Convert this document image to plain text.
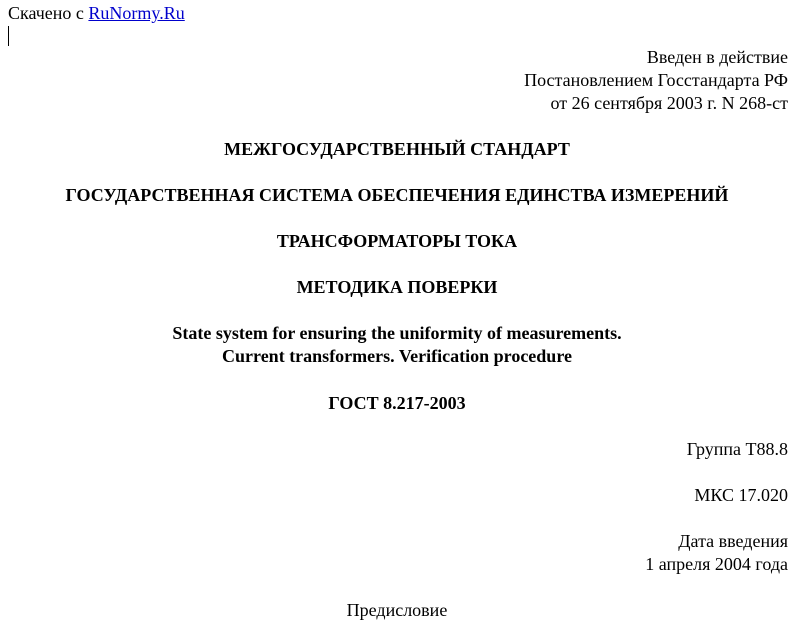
Скачено с RuNormy.Ru
Введен в действие
Постановлением Госстандарта РФ
от 26 сентября 2003 г. N 268-ст
МЕЖГОСУДАРСТВЕННЫЙ СТАНДАРТ
ГОСУДАРСТВЕННАЯ СИСТЕМА ОБЕСПЕЧЕНИЯ ЕДИНСТВА ИЗМЕРЕНИЙ
ТРАНСФОРМАТОРЫ ТОКА
МЕТОДИКА ПОВЕРКИ
State system for ensuring the uniformity of measurements.
Current transformers. Verification procedure
ГОСТ 8.217-2003
Группа Т88.8
МКС 17.020
Дата введения
1 апреля 2004 года
Предисловие
